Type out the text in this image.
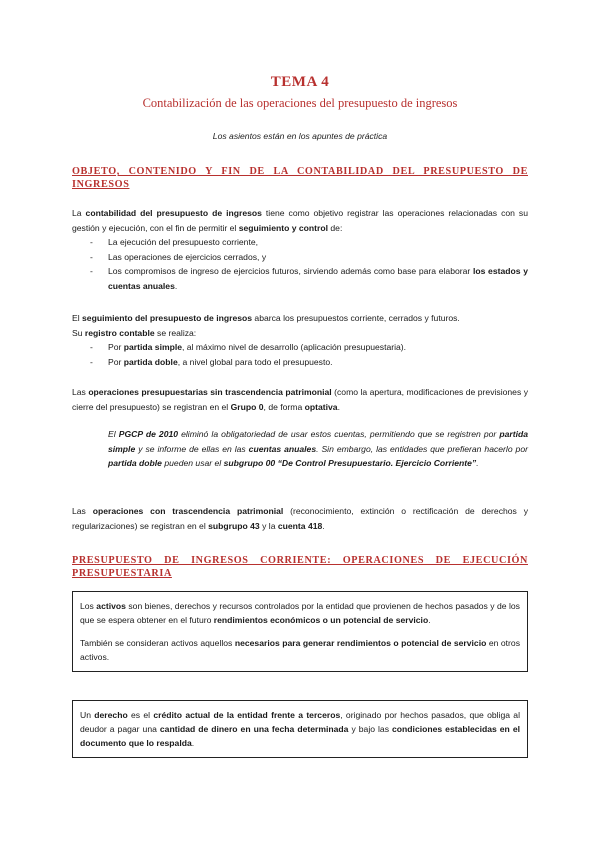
TEMA 4
Contabilización de las operaciones del presupuesto de ingresos
Los asientos están en los apuntes de práctica
OBJETO, CONTENIDO Y FIN DE LA CONTABILIDAD DEL PRESUPUESTO DE INGRESOS
La contabilidad del presupuesto de ingresos tiene como objetivo registrar las operaciones relacionadas con su gestión y ejecución, con el fin de permitir el seguimiento y control de:
- La ejecución del presupuesto corriente,
- Las operaciones de ejercicios cerrados, y
- Los compromisos de ingreso de ejercicios futuros, sirviendo además como base para elaborar los estados y cuentas anuales.
El seguimiento del presupuesto de ingresos abarca los presupuestos corriente, cerrados y futuros.
Su registro contable se realiza:
- Por partida simple, al máximo nivel de desarrollo (aplicación presupuestaria).
- Por partida doble, a nivel global para todo el presupuesto.
Las operaciones presupuestarias sin trascendencia patrimonial (como la apertura, modificaciones de previsiones y cierre del presupuesto) se registran en el Grupo 0, de forma optativa.
El PGCP de 2010 eliminó la obligatoriedad de usar estos cuentas, permitiendo que se registren por partida simple y se informe de ellas en las cuentas anuales. Sin embargo, las entidades que prefieran hacerlo por partida doble pueden usar el subgrupo 00 “De Control Presupuestario. Ejercicio Corriente”.
Las operaciones con trascendencia patrimonial (reconocimiento, extinción o rectificación de derechos y regularizaciones) se registran en el subgrupo 43 y la cuenta 418.
PRESUPUESTO DE INGRESOS CORRIENTE: OPERACIONES DE EJECUCIÓN PRESUPUESTARIA

Los activos son bienes, derechos y recursos controlados por la entidad que provienen de hechos pasados y de los que se espera obtener en el futuro rendimientos económicos o un potencial de servicio.

También se consideran activos aquellos necesarios para generar rendimientos o potencial de servicio en otros activos.

Un derecho es el crédito actual de la entidad frente a terceros, originado por hechos pasados, que obliga al deudor a pagar una cantidad de dinero en una fecha determinada y bajo las condiciones establecidas en el documento que lo respalda.
